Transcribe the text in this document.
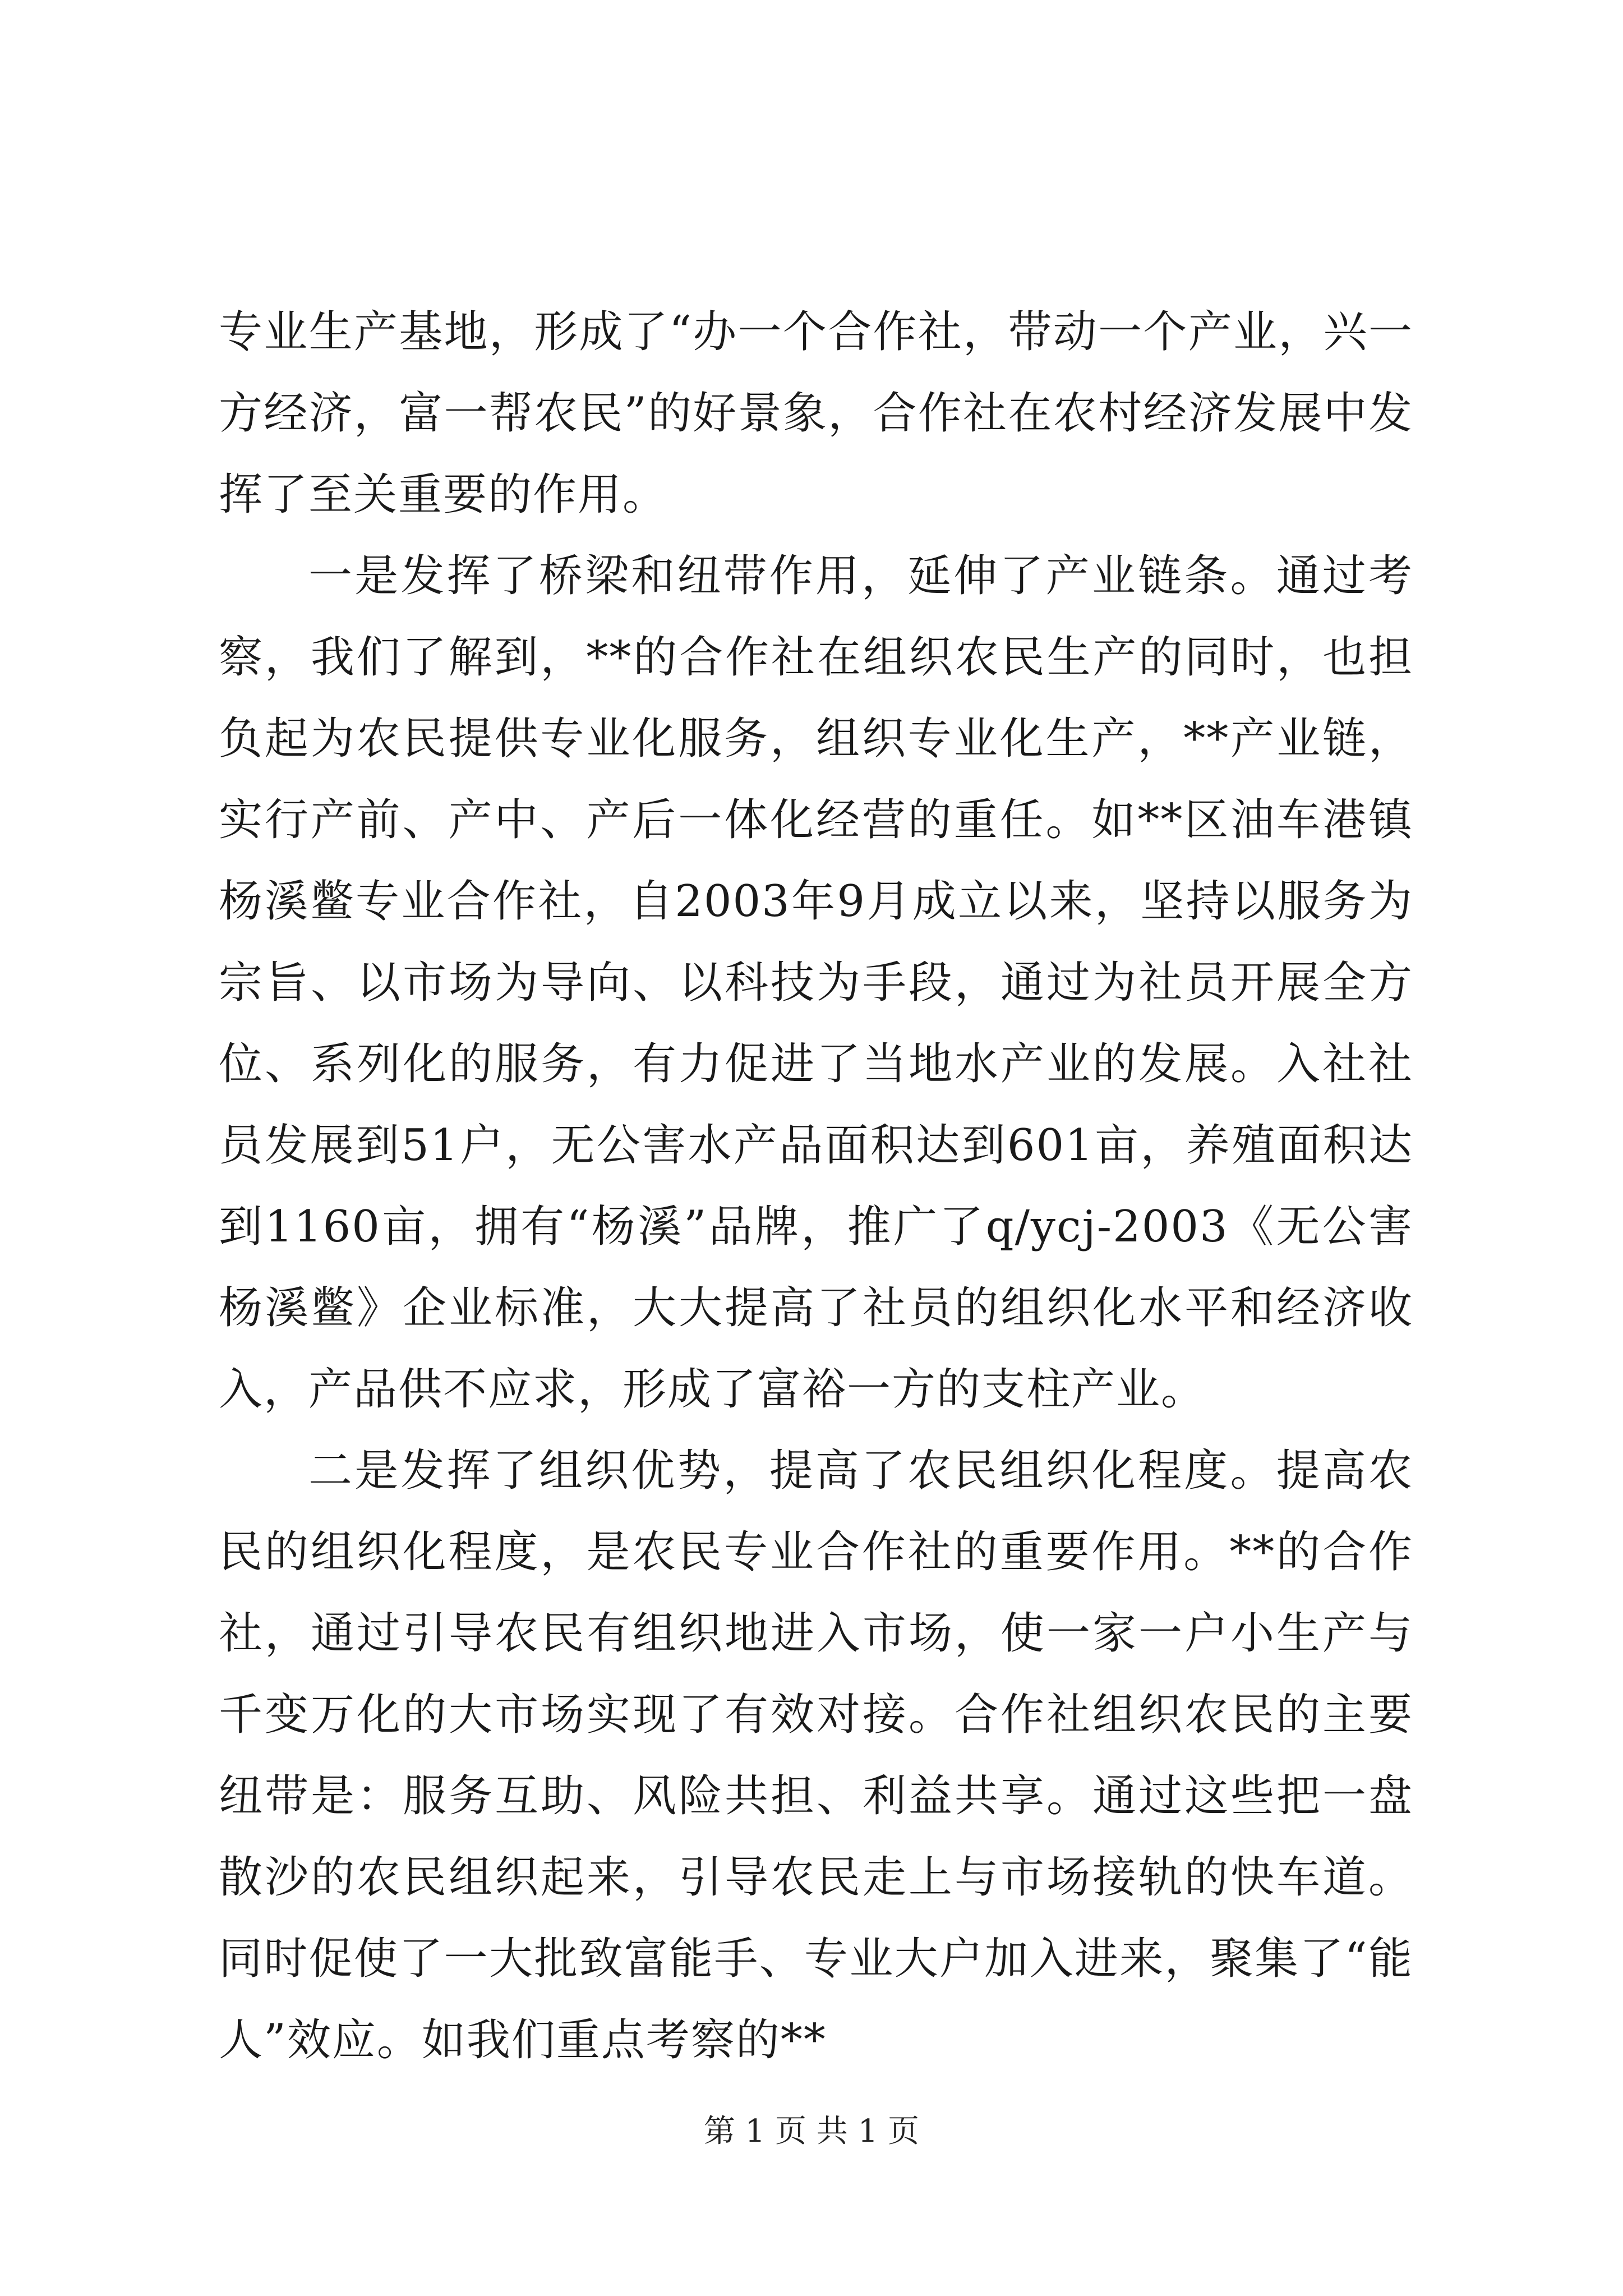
专业生产基地，形成了“办一个合作社，带动一个产业，兴一方经济，富一帮农民”的好景象，合作社在农村经济发展中发挥了至关重要的作用。

一是发挥了桥梁和纽带作用，延伸了产业链条。通过考察，我们了解到，**的合作社在组织农民生产的同时，也担负起为农民提供专业化服务，组织专业化生产，**产业链，实行产前、产中、产后一体化经营的重任。如**区油车港镇杨溪鳖专业合作社，自2003年9月成立以来，坚持以服务为宗旨、以市场为导向、以科技为手段，通过为社员开展全方位、系列化的服务，有力促进了当地水产业的发展。入社社员发展到51户，无公害水产品面积达到601亩，养殖面积达到1160亩，拥有“杨溪”品牌，推广了q/ycj-2003《无公害杨溪鳖》企业标准，大大提高了社员的组织化水平和经济收入，产品供不应求，形成了富裕一方的支柱产业。

二是发挥了组织优势，提高了农民组织化程度。提高农民的组织化程度，是农民专业合作社的重要作用。**的合作社，通过引导农民有组织地进入市场，使一家一户小生产与千变万化的大市场实现了有效对接。合作社组织农民的主要纽带是：服务互助、风险共担、利益共享。通过这些把一盘散沙的农民组织起来，引导农民走上与市场接轨的快车道。同时促使了一大批致富能手、专业大户加入进来，聚集了“能人”效应。如我们重点考察的**

第 1 页 共 1 页
